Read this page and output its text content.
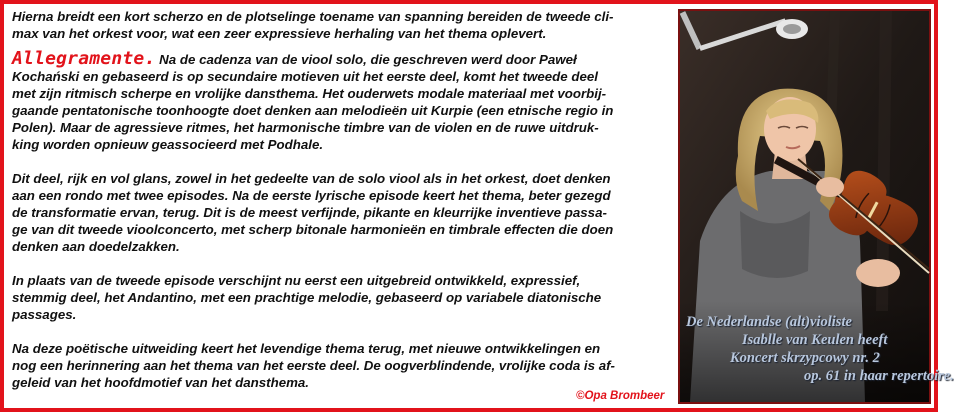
Hierna breidt een kort scherzo en de plotselinge toename van spanning bereiden de tweede cli-
max van het orkest voor, wat een zeer expressieve herhaling van het thema oplevert.

Allegramente. Na de cadenza van de viool solo, die geschreven werd door Paweł
Kochański en gebaseerd is op secundaire motieven uit het eerste deel, komt het tweede deel
met zijn ritmisch scherpe en vrolijke dansthema. Het ouderwets modale materiaal met voorbij-
gaande pentatonische toonhoogte doet denken aan melodieën uit Kurpie (een etnische regio in
Polen). Maar de agressieve ritmes, het harmonische timbre van de violen en de ruwe uitdruk-
king worden opnieuw geassocieerd met Podhale.

Dit deel, rijk en vol glans, zowel in het gedeelte van de solo viool als in het orkest, doet denken
aan een rondo met twee episodes. Na de eerste lyrische episode keert het thema, beter gezegd
de transformatie ervan, terug. Dit is de meest verfijnde, pikante en kleurrijke inventieve passa-
ge van dit tweede vioolconcerto, met scherp bitonale harmonieën en timbrale effecten die doen
denken aan doedelzakken.

In plaats van de tweede episode verschijnt nu eerst een uitgebreid ontwikkeld, expressief,
stemmig deel, het Andantino, met een prachtige melodie, gebaseerd op variabele diatonische
passages.

Na deze poëtische uitweiding keert het levendige thema terug, met nieuwe ontwikkelingen en
nog een herinnering aan het thema van het eerste deel. De oogverblindende, vrolijke coda is af-
geleid van het hoofdmotief van het dansthema.

©Opa Brombeer
De Nederlandse (alt)violiste
Isablle van Keulen heeft
Koncert skrzypcowy nr. 2
op. 61 in haar repertoire.
